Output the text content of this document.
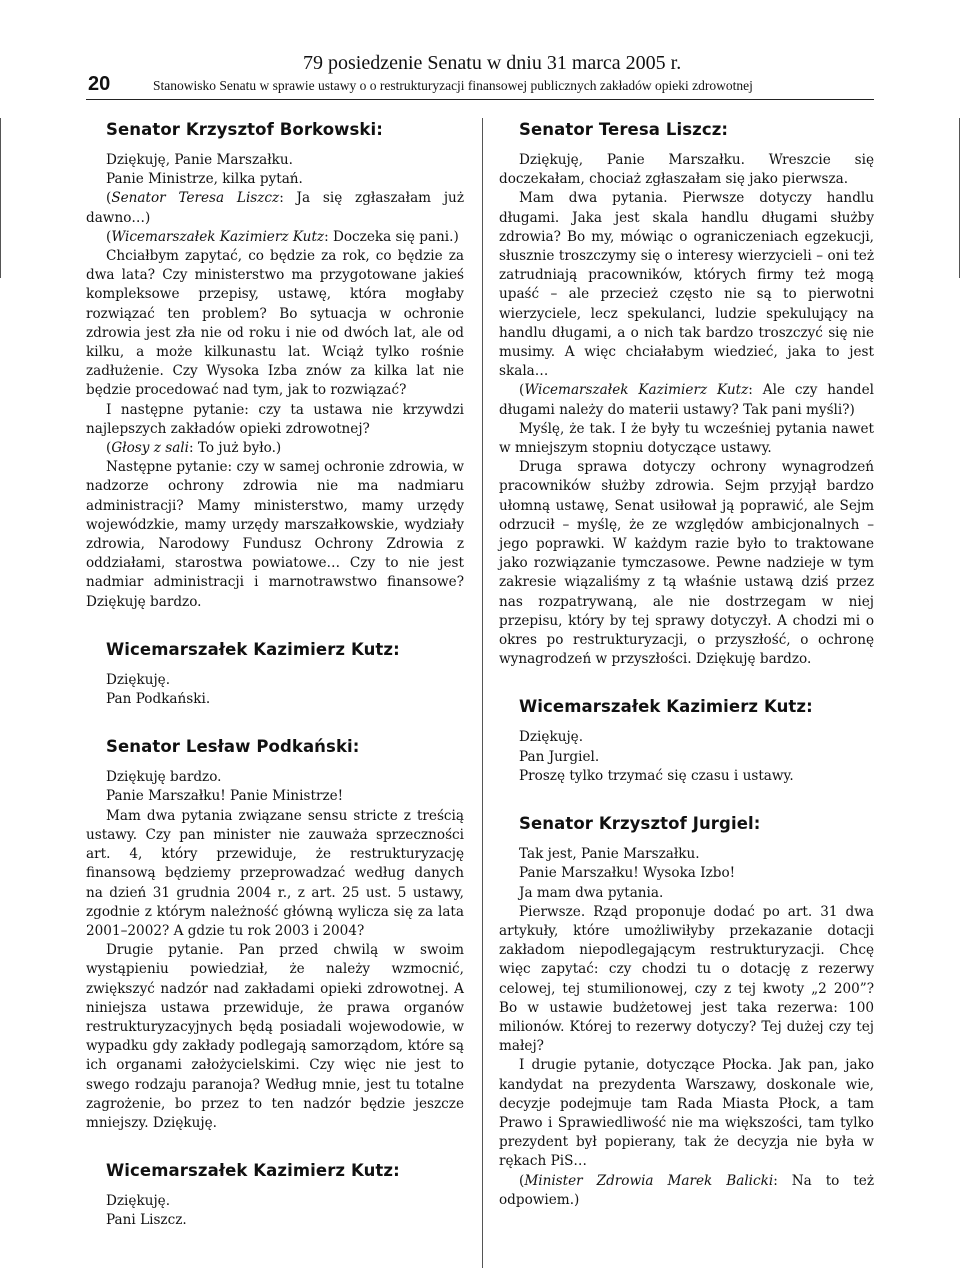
20
79 posiedzenie Senatu w dniu 31 marca 2005 r.
Stanowisko Senatu w sprawie ustawy o o restrukturyzacji finansowej publicznych zakładów opieki zdrowotnej
Senator Krzysztof Borkowski:

Dziękuję, Panie Marszałku.

Panie Ministrze, kilka pytań.

(Senator Teresa Liszcz: Ja się zgłaszałam już dawno…)

(Wicemarszałek Kazimierz Kutz: Doczeka się pani.)

Chciałbym zapytać, co będzie za rok, co będzie za dwa lata? Czy ministerstwo ma przygotowane jakieś kompleksowe przepisy, ustawę, która mogłaby rozwiązać ten problem? Bo sytuacja w ochronie zdrowia jest zła nie od roku i nie od dwóch lat, ale od kilku, a może kilkunastu lat. Wciąż tylko rośnie zadłużenie. Czy Wysoka Izba znów za kilka lat nie będzie procedować nad tym, jak to rozwiązać?

I następne pytanie: czy ta ustawa nie krzywdzi najlepszych zakładów opieki zdrowotnej?

(Głosy z sali: To już było.)

Następne pytanie: czy w samej ochronie zdrowia, w nadzorze ochrony zdrowia nie ma nadmiaru administracji? Mamy ministerstwo, mamy urzędy wojewódzkie, mamy urzędy marszałkowskie, wydziały zdrowia, Narodowy Fundusz Ochrony Zdrowia z oddziałami, starostwa powiatowe… Czy to nie jest nadmiar administracji i marnotrawstwo finansowe? Dziękuję bardzo.

Wicemarszałek Kazimierz Kutz:

Dziękuję.

Pan Podkański.

Senator Lesław Podkański:

Dziękuję bardzo.

Panie Marszałku! Panie Ministrze!

Mam dwa pytania związane sensu stricte z treścią ustawy. Czy pan minister nie zauważa sprzeczności art. 4, który przewiduje, że restrukturyzację finansową będziemy przeprowadzać według danych na dzień 31 grudnia 2004 r., z art. 25 ust. 5 ustawy, zgodnie z którym należność główną wylicza się za lata 2001–2002? A gdzie tu rok 2003 i 2004?

Drugie pytanie. Pan przed chwilą w swoim wystąpieniu powiedział, że należy wzmocnić, zwiększyć nadzór nad zakładami opieki zdrowotnej. A niniejsza ustawa przewiduje, że prawa organów restrukturyzacyjnych będą posiadali wojewodowie, w wypadku gdy zakłady podlegają samorządom, które są ich organami założycielskimi. Czy więc nie jest to swego rodzaju paranoja? Według mnie, jest tu totalne zagrożenie, bo przez to ten nadzór będzie jeszcze mniejszy. Dziękuję.

Wicemarszałek Kazimierz Kutz:

Dziękuję.

Pani Liszcz.

Senator Teresa Liszcz:

Dziękuję, Panie Marszałku. Wreszcie się doczekałam, chociaż zgłaszałam się jako pierwsza.

Mam dwa pytania. Pierwsze dotyczy handlu długami. Jaka jest skala handlu długami służby zdrowia? Bo my, mówiąc o ograniczeniach egzekucji, słusznie troszczymy się o interesy wierzycieli – oni też zatrudniają pracowników, których firmy też mogą upaść – ale przecież często nie są to pierwotni wierzyciele, lecz spekulanci, ludzie spekulujący na handlu długami, a o nich tak bardzo troszczyć się nie musimy. A więc chciałabym wiedzieć, jaka to jest skala…

(Wicemarszałek Kazimierz Kutz: Ale czy handel długami należy do materii ustawy? Tak pani myśli?)

Myślę, że tak. I że były tu wcześniej pytania nawet w mniejszym stopniu dotyczące ustawy.

Druga sprawa dotyczy ochrony wynagrodzeń pracowników służby zdrowia. Sejm przyjął bardzo ułomną ustawę, Senat usiłował ją poprawić, ale Sejm odrzucił – myślę, że ze względów ambicjonalnych – jego poprawki. W każdym razie było to traktowane jako rozwiązanie tymczasowe. Pewne nadzieje w tym zakresie wiązaliśmy z tą właśnie ustawą dziś przez nas rozpatrywaną, ale nie dostrzegam w niej przepisu, który by tej sprawy dotyczył. A chodzi mi o okres po restrukturyzacji, o przyszłość, o ochronę wynagrodzeń w przyszłości. Dziękuję bardzo.

Wicemarszałek Kazimierz Kutz:

Dziękuję.

Pan Jurgiel.

Proszę tylko trzymać się czasu i ustawy.

Senator Krzysztof Jurgiel:

Tak jest, Panie Marszałku.

Panie Marszałku! Wysoka Izbo!

Ja mam dwa pytania.

Pierwsze. Rząd proponuje dodać po art. 31 dwa artykuły, które umożliwiłyby przekazanie dotacji zakładom niepodlegającym restrukturyzacji. Chcę więc zapytać: czy chodzi tu o dotację z rezerwy celowej, tej stumilionowej, czy z tej kwoty „2 200”? Bo w ustawie budżetowej jest taka rezerwa: 100 milionów. Której to rezerwy dotyczy? Tej dużej czy tej małej?

I drugie pytanie, dotyczące Płocka. Jak pan, jako kandydat na prezydenta Warszawy, doskonale wie, decyzje podejmuje tam Rada Miasta Płock, a tam Prawo i Sprawiedliwość nie ma większości, tam tylko prezydent był popierany, tak że decyzja nie była w rękach PiS…

(Minister Zdrowia Marek Balicki: Na to też odpowiem.)
